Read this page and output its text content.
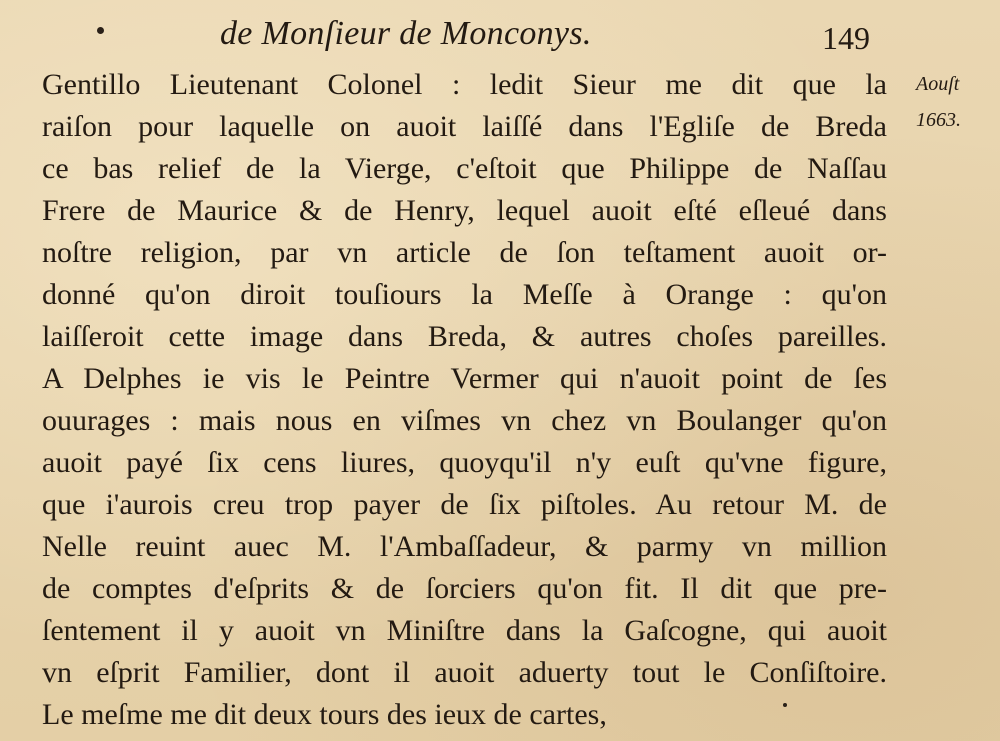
de Monſieur de Monconys.	149
Aouſt
1663.
Gentillo Lieutenant Colonel : ledit Sieur me dit que la
raiſon pour laquelle on auoit laiſſé dans l'Egliſe de Breda
ce bas relief de la Vierge, c'eſtoit que Philippe de Naſſau
Frere de Maurice & de Henry, lequel auoit eſté eſleué dans
noſtre religion, par vn article de ſon teſtament auoit or-
donné qu'on diroit touſiours la Meſſe à Orange : qu'on
laiſſeroit cette image dans Breda, & autres choſes pareilles.
A Delphes ie vis le Peintre Vermer qui n'auoit point de ſes
ouurages : mais nous en viſmes vn chez vn Boulanger qu'on
auoit payé ſix cens liures, quoyqu'il n'y euſt qu'vne figure,
que i'aurois creu trop payer de ſix piſtoles. Au retour M. de
Nelle reuint auec M. l'Ambaſſadeur, & parmy vn million
de comptes d'eſprits & de ſorciers qu'on fit. Il dit que pre-
ſentement il y auoit vn Miniſtre dans la Gaſcogne, qui auoit
vn eſprit Familier, dont il auoit aduerty tout le Conſiſtoire.
Le meſme me dit deux tours des ieux de cartes,
